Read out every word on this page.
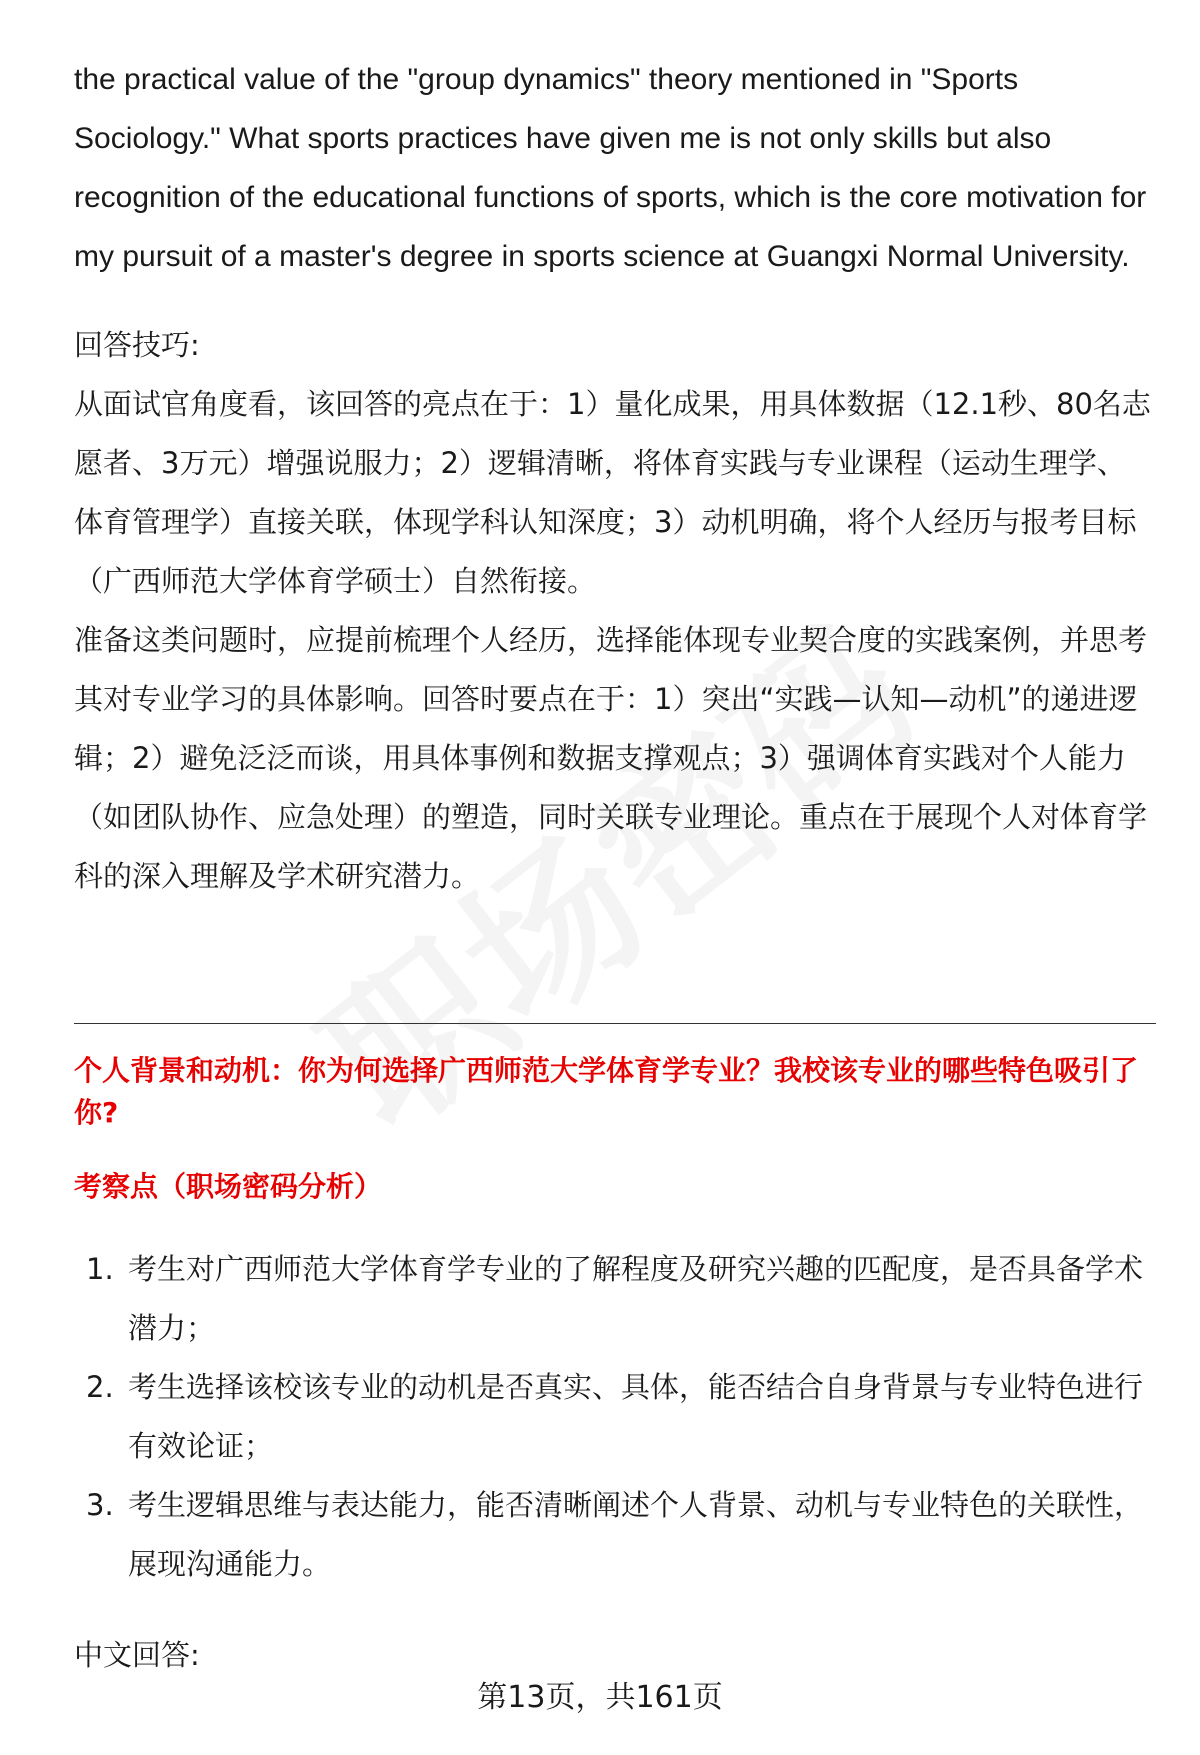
the practical value of the "group dynamics" theory mentioned in "Sports Sociology." What sports practices have given me is not only skills but also recognition of the educational functions of sports, which is the core motivation for my pursuit of a master's degree in sports science at Guangxi Normal University.

回答技巧:

从面试官角度看，该回答的亮点在于：1）量化成果，用具体数据（12.1秒、80名志愿者、3万元）增强说服力；2）逻辑清晰，将体育实践与专业课程（运动生理学、体育管理学）直接关联，体现学科认知深度；3）动机明确，将个人经历与报考目标（广西师范大学体育学硕士）自然衔接。

准备这类问题时，应提前梳理个人经历，选择能体现专业契合度的实践案例，并思考其对专业学习的具体影响。回答时要点在于：1）突出“实践—认知—动机”的递进逻辑；2）避免泛泛而谈，用具体事例和数据支撑观点；3）强调体育实践对个人能力（如团队协作、应急处理）的塑造，同时关联专业理论。重点在于展现个人对体育学科的深入理解及学术研究潜力。

个人背景和动机：你为何选择广西师范大学体育学专业？我校该专业的哪些特色吸引了你?

考察点（职场密码分析）

1. 考生对广西师范大学体育学专业的了解程度及研究兴趣的匹配度，是否具备学术潜力；
2. 考生选择该校该专业的动机是否真实、具体，能否结合自身背景与专业特色进行有效论证；
3. 考生逻辑思维与表达能力，能否清晰阐述个人背景、动机与专业特色的关联性，展现沟通能力。

中文回答:

第13页，共161页
